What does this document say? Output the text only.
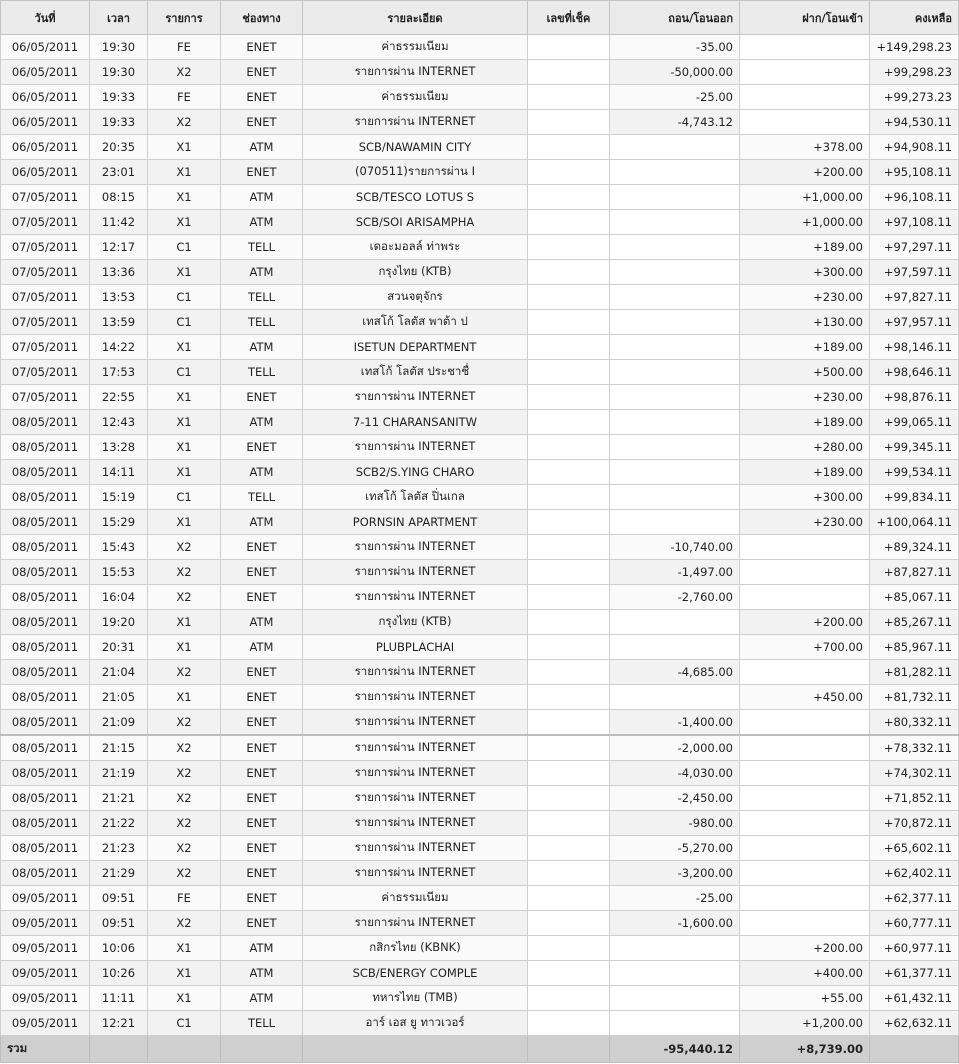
วันที่	เวลา	รายการ	ช่องทาง	รายละเอียด	เลขที่เช็ค	ถอน/โอนออก	ฝาก/โอนเข้า	คงเหลือ
06/05/2011	19:30	FE	ENET	ค่าธรรมเนียม		-35.00		+149,298.23
06/05/2011	19:30	X2	ENET	รายการผ่าน INTERNET		-50,000.00		+99,298.23
06/05/2011	19:33	FE	ENET	ค่าธรรมเนียม		-25.00		+99,273.23
06/05/2011	19:33	X2	ENET	รายการผ่าน INTERNET		-4,743.12		+94,530.11
06/05/2011	20:35	X1	ATM	SCB/NAWAMIN CITY			+378.00	+94,908.11
06/05/2011	23:01	X1	ENET	(070511)รายการผ่าน I			+200.00	+95,108.11
07/05/2011	08:15	X1	ATM	SCB/TESCO LOTUS S			+1,000.00	+96,108.11
07/05/2011	11:42	X1	ATM	SCB/SOI ARISAMPHA			+1,000.00	+97,108.11
07/05/2011	12:17	C1	TELL	เดอะมอลล์ ท่าพระ			+189.00	+97,297.11
07/05/2011	13:36	X1	ATM	กรุงไทย (KTB)			+300.00	+97,597.11
07/05/2011	13:53	C1	TELL	สวนจตุจักร			+230.00	+97,827.11
07/05/2011	13:59	C1	TELL	เทสโก้ โลตัส พาต้า ป			+130.00	+97,957.11
07/05/2011	14:22	X1	ATM	ISETUN DEPARTMENT			+189.00	+98,146.11
07/05/2011	17:53	C1	TELL	เทสโก้ โลตัส ประชาชื่			+500.00	+98,646.11
07/05/2011	22:55	X1	ENET	รายการผ่าน INTERNET			+230.00	+98,876.11
08/05/2011	12:43	X1	ATM	7-11 CHARANSANITW			+189.00	+99,065.11
08/05/2011	13:28	X1	ENET	รายการผ่าน INTERNET			+280.00	+99,345.11
08/05/2011	14:11	X1	ATM	SCB2/S.YING CHARO			+189.00	+99,534.11
08/05/2011	15:19	C1	TELL	เทสโก้ โลตัส ปิ่นเกล			+300.00	+99,834.11
08/05/2011	15:29	X1	ATM	PORNSIN APARTMENT			+230.00	+100,064.11
08/05/2011	15:43	X2	ENET	รายการผ่าน INTERNET		-10,740.00		+89,324.11
08/05/2011	15:53	X2	ENET	รายการผ่าน INTERNET		-1,497.00		+87,827.11
08/05/2011	16:04	X2	ENET	รายการผ่าน INTERNET		-2,760.00		+85,067.11
08/05/2011	19:20	X1	ATM	กรุงไทย (KTB)			+200.00	+85,267.11
08/05/2011	20:31	X1	ATM	PLUBPLACHAI			+700.00	+85,967.11
08/05/2011	21:04	X2	ENET	รายการผ่าน INTERNET		-4,685.00		+81,282.11
08/05/2011	21:05	X1	ENET	รายการผ่าน INTERNET			+450.00	+81,732.11
08/05/2011	21:09	X2	ENET	รายการผ่าน INTERNET		-1,400.00		+80,332.11
08/05/2011	21:15	X2	ENET	รายการผ่าน INTERNET		-2,000.00		+78,332.11
08/05/2011	21:19	X2	ENET	รายการผ่าน INTERNET		-4,030.00		+74,302.11
08/05/2011	21:21	X2	ENET	รายการผ่าน INTERNET		-2,450.00		+71,852.11
08/05/2011	21:22	X2	ENET	รายการผ่าน INTERNET		-980.00		+70,872.11
08/05/2011	21:23	X2	ENET	รายการผ่าน INTERNET		-5,270.00		+65,602.11
08/05/2011	21:29	X2	ENET	รายการผ่าน INTERNET		-3,200.00		+62,402.11
09/05/2011	09:51	FE	ENET	ค่าธรรมเนียม		-25.00		+62,377.11
09/05/2011	09:51	X2	ENET	รายการผ่าน INTERNET		-1,600.00		+60,777.11
09/05/2011	10:06	X1	ATM	กสิกรไทย (KBNK)			+200.00	+60,977.11
09/05/2011	10:26	X1	ATM	SCB/ENERGY COMPLE			+400.00	+61,377.11
09/05/2011	11:11	X1	ATM	ทหารไทย (TMB)			+55.00	+61,432.11
09/05/2011	12:21	C1	TELL	อาร์ เอส ยู ทาวเวอร์			+1,200.00	+62,632.11
รวม						-95,440.12	+8,739.00	
